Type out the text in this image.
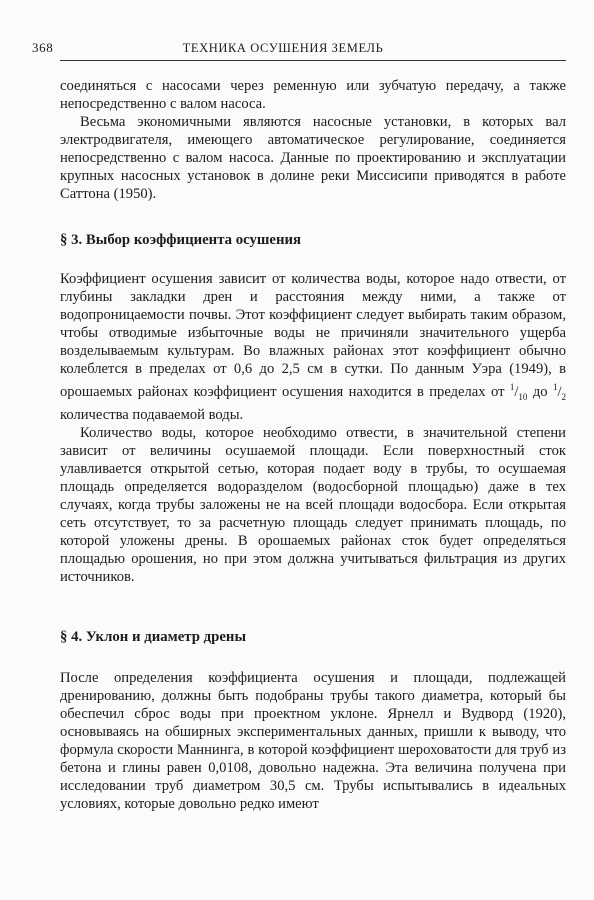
368	ТЕХНИКА ОСУШЕНИЯ ЗЕМЕЛЬ

соединяться с насосами через ременную или зубчатую передачу, а также непосредственно с валом насоса.

Весьма экономичными являются насосные установки, в которых вал электродвигателя, имеющего автоматическое регулирование, соединяется непосредственно с валом насоса. Данные по проектированию и эксплуатации крупных насосных установок в долине реки Миссисипи приводятся в работе Саттона (1950).

§ 3. Выбор коэффициента осушения

Коэффициент осушения зависит от количества воды, которое надо отвести, от глубины закладки дрен и расстояния между ними, а также от водопроницаемости почвы. Этот коэффициент следует выбирать таким образом, чтобы отводимые избыточные воды не причиняли значительного ущерба возделываемым культурам. Во влажных районах этот коэффициент обычно колеблется в пределах от 0,6 до 2,5 см в сутки. По данным Уэра (1949), в орошаемых районах коэффициент осушения находится в пределах от $^1/_{10}$ до $^1/_2$ количества подаваемой воды.

Количество воды, которое необходимо отвести, в значительной степени зависит от величины осушаемой площади. Если поверхностный сток улавливается открытой сетью, которая подает воду в трубы, то осушаемая площадь определяется водоразделом (водосборной площадью) даже в тех случаях, когда трубы заложены не на всей площади водосбора. Если открытая сеть отсутствует, то за расчетную площадь следует принимать площадь, по которой уложены дрены. В орошаемых районах сток будет определяться площадью орошения, но при этом должна учитываться фильтрация из других источников.

§ 4. Уклон и диаметр дрены

После определения коэффициента осушения и площади, подлежащей дренированию, должны быть подобраны трубы такого диаметра, который бы обеспечил сброс воды при проектном уклоне. Ярнелл и Вудворд (1920), основываясь на обширных экспериментальных данных, пришли к выводу, что формула скорости Маннинга, в которой коэффициент шероховатости для труб из бетона и глины равен 0,0108, довольно надежна. Эта величина получена при исследовании труб диаметром 30,5 см. Трубы испытывались в идеальных условиях, которые довольно редко имеют
